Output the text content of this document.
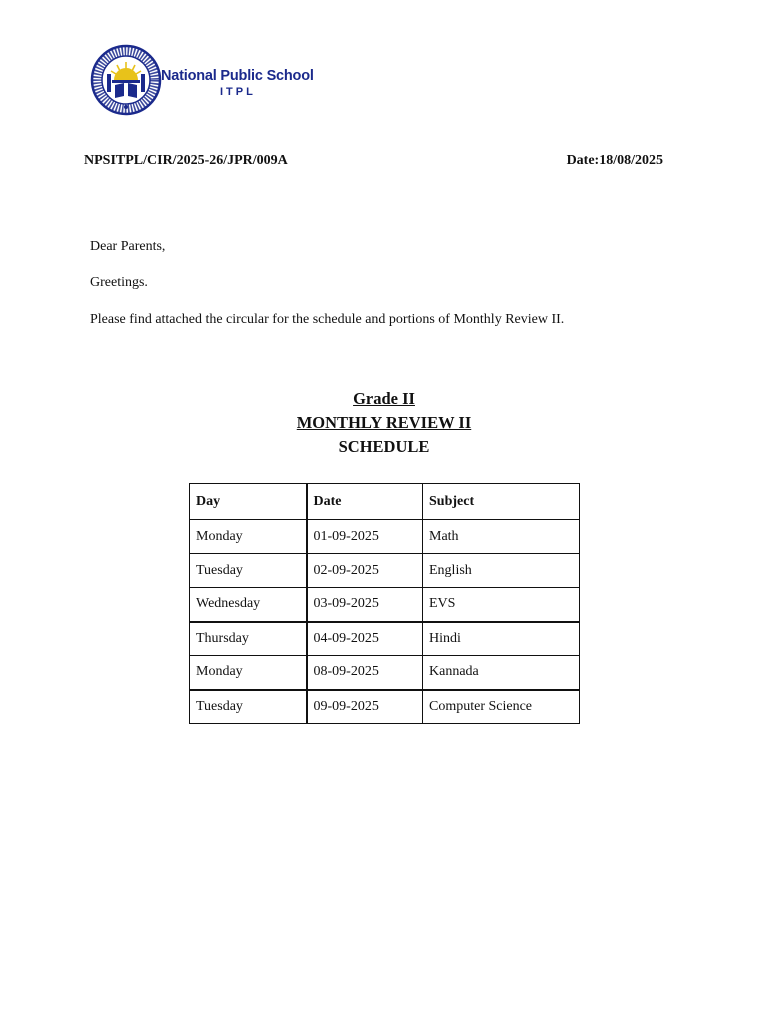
National Public School
ITPL
NPSITPL/CIR/2025-26/JPR/009A	Date:18/08/2025
Dear Parents,
Greetings.
Please find attached the circular for the schedule and portions of Monthly Review II.
Grade II
MONTHLY REVIEW II
SCHEDULE
Day	Date	Subject
Monday	01-09-2025	Math
Tuesday	02-09-2025	English
Wednesday	03-09-2025	EVS
Thursday	04-09-2025	Hindi
Monday	08-09-2025	Kannada
Tuesday	09-09-2025	Computer Science
